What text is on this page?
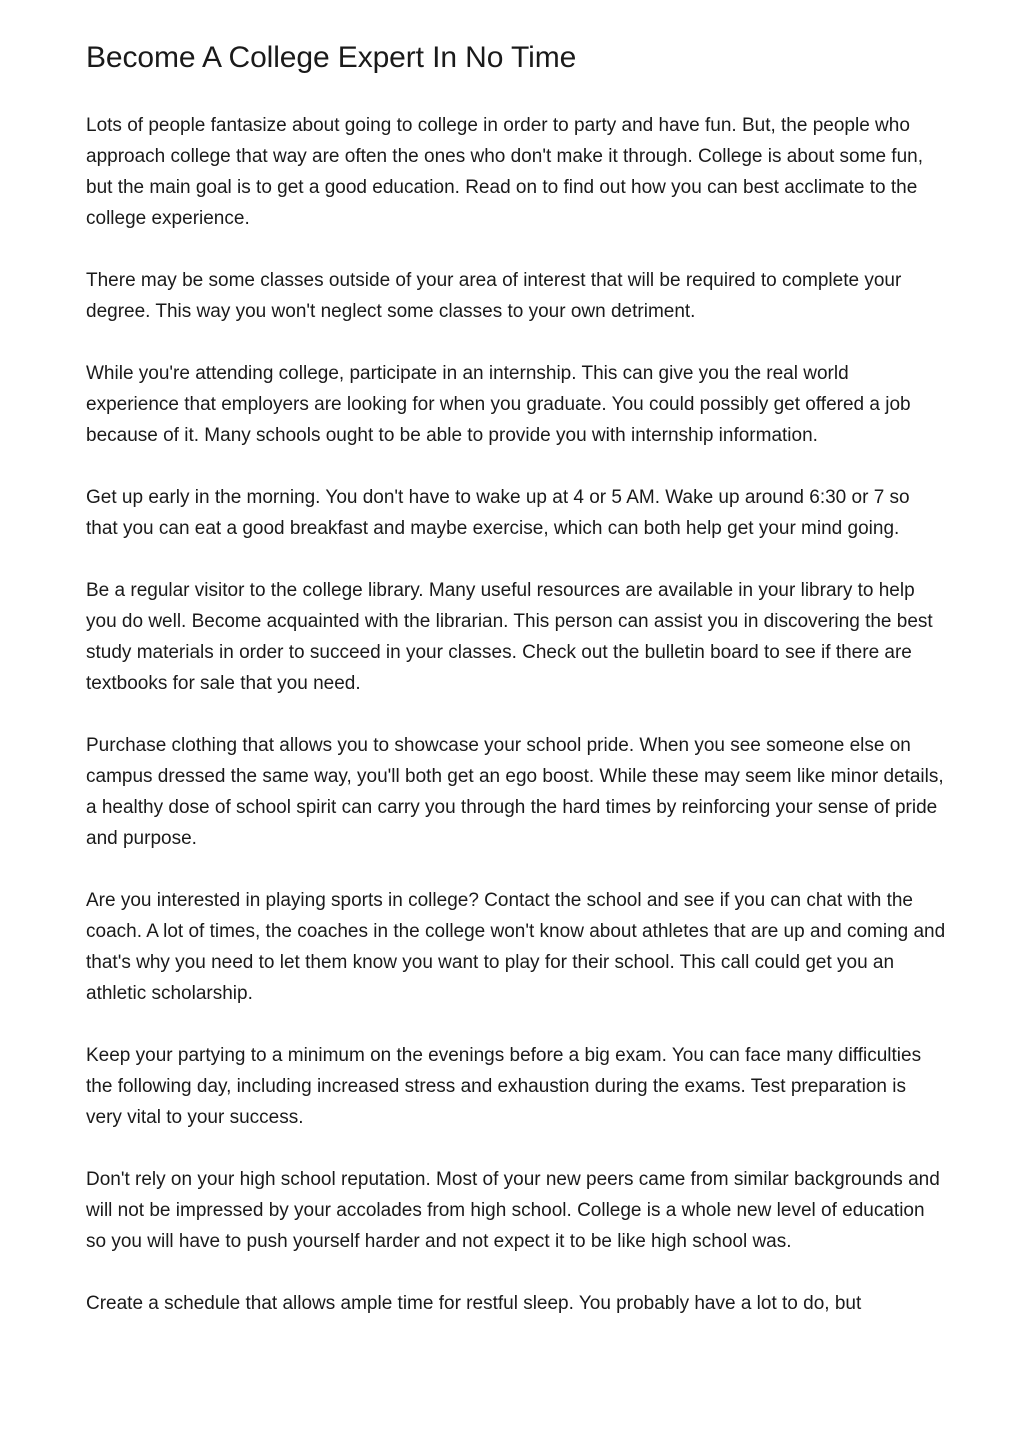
Become A College Expert In No Time

Lots of people fantasize about going to college in order to party and have fun. But, the people who approach college that way are often the ones who don't make it through. College is about some fun, but the main goal is to get a good education. Read on to find out how you can best acclimate to the college experience.

There may be some classes outside of your area of interest that will be required to complete your degree. This way you won't neglect some classes to your own detriment.

While you're attending college, participate in an internship. This can give you the real world experience that employers are looking for when you graduate. You could possibly get offered a job because of it. Many schools ought to be able to provide you with internship information.

Get up early in the morning. You don't have to wake up at 4 or 5 AM. Wake up around 6:30 or 7 so that you can eat a good breakfast and maybe exercise, which can both help get your mind going.

Be a regular visitor to the college library. Many useful resources are available in your library to help you do well. Become acquainted with the librarian. This person can assist you in discovering the best study materials in order to succeed in your classes. Check out the bulletin board to see if there are textbooks for sale that you need.

Purchase clothing that allows you to showcase your school pride. When you see someone else on campus dressed the same way, you'll both get an ego boost. While these may seem like minor details, a healthy dose of school spirit can carry you through the hard times by reinforcing your sense of pride and purpose.

Are you interested in playing sports in college? Contact the school and see if you can chat with the coach. A lot of times, the coaches in the college won't know about athletes that are up and coming and that's why you need to let them know you want to play for their school. This call could get you an athletic scholarship.

Keep your partying to a minimum on the evenings before a big exam. You can face many difficulties the following day, including increased stress and exhaustion during the exams. Test preparation is very vital to your success.

Don't rely on your high school reputation. Most of your new peers came from similar backgrounds and will not be impressed by your accolades from high school. College is a whole new level of education so you will have to push yourself harder and not expect it to be like high school was.

Create a schedule that allows ample time for restful sleep. You probably have a lot to do, but
